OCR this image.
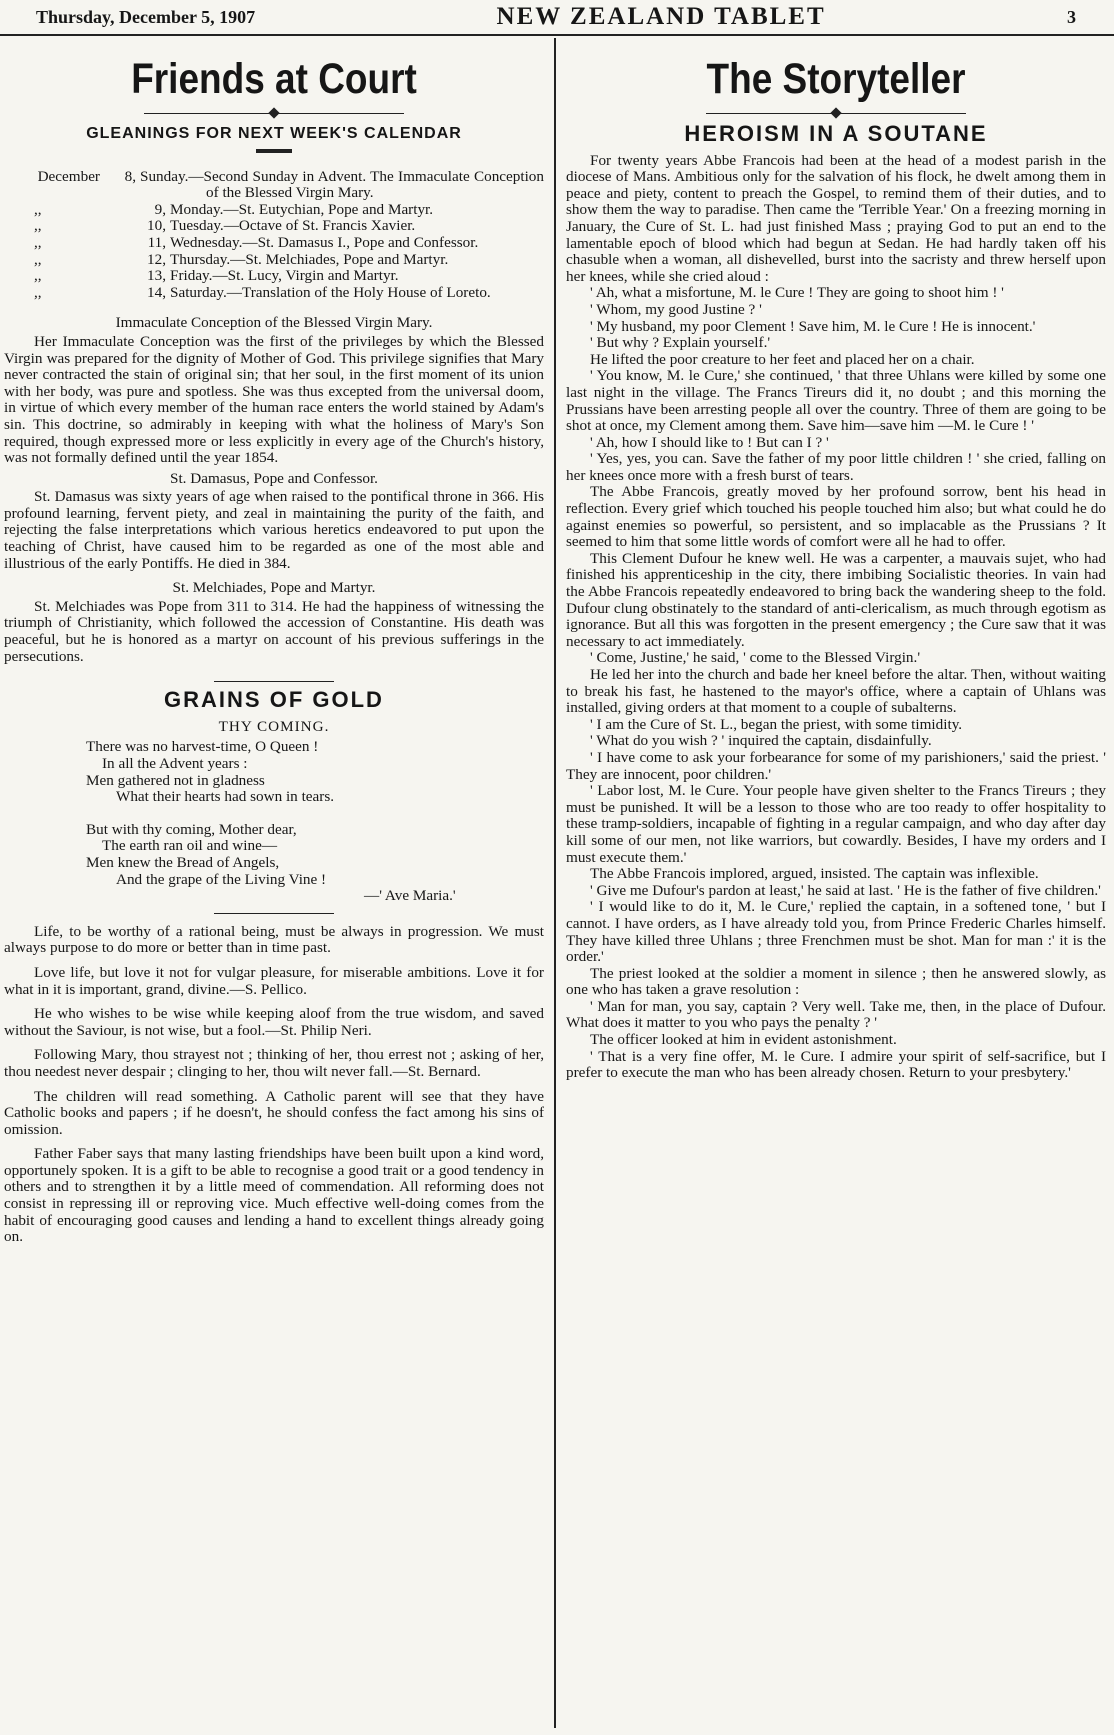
Thursday, December 5, 1907	NEW ZEALAND TABLET	3
Friends at Court
GLEANINGS FOR NEXT WEEK'S CALENDAR
December	8, Sunday.—Second Sunday in Advent. The Immaculate Conception of the Blessed Virgin Mary.
,,	9, Monday.—St. Eutychian, Pope and Martyr.
,,	10, Tuesday.—Octave of St. Francis Xavier.
,,	11, Wednesday.—St. Damasus I., Pope and Confessor.
,,	12, Thursday.—St. Melchiades, Pope and Martyr.
,,	13, Friday.—St. Lucy, Virgin and Martyr.
,,	14, Saturday.—Translation of the Holy House of Loreto.
Immaculate Conception of the Blessed Virgin Mary.

Her Immaculate Conception was the first of the privileges by which the Blessed Virgin was prepared for the dignity of Mother of God. This privilege signifies that Mary never contracted the stain of original sin; that her soul, in the first moment of its union with her body, was pure and spotless. She was thus excepted from the universal doom, in virtue of which every member of the human race enters the world stained by Adam's sin. This doctrine, so admirably in keeping with what the holiness of Mary's Son required, though expressed more or less explicitly in every age of the Church's history, was not formally defined until the year 1854.

St. Damasus, Pope and Confessor.

St. Damasus was sixty years of age when raised to the pontifical throne in 366. His profound learning, fervent piety, and zeal in maintaining the purity of the faith, and rejecting the false interpretations which various heretics endeavored to put upon the teaching of Christ, have caused him to be regarded as one of the most able and illustrious of the early Pontiffs. He died in 384.

St. Melchiades, Pope and Martyr.

St. Melchiades was Pope from 311 to 314. He had the happiness of witnessing the triumph of Christianity, which followed the accession of Constantine. His death was peaceful, but he is honored as a martyr on account of his previous sufferings in the persecutions.

GRAINS OF GOLD
THY COMING.
There was no harvest-time, O Queen !
In all the Advent years :
Men gathered not in gladness
What their hearts had sown in tears.
But with thy coming, Mother dear,
The earth ran oil and wine—
Men knew the Bread of Angels,
And the grape of the Living Vine !
—' Ave Maria.'

Life, to be worthy of a rational being, must be always in progression. We must always purpose to do more or better than in time past.

Love life, but love it not for vulgar pleasure, for miserable ambitions. Love it for what in it is important, grand, divine.—S. Pellico.

He who wishes to be wise while keeping aloof from the true wisdom, and saved without the Saviour, is not wise, but a fool.—St. Philip Neri.

Following Mary, thou strayest not ; thinking of her, thou errest not ; asking of her, thou needest never despair ; clinging to her, thou wilt never fall.—St. Bernard.

The children will read something. A Catholic parent will see that they have Catholic books and papers ; if he doesn't, he should confess the fact among his sins of omission.

Father Faber says that many lasting friendships have been built upon a kind word, opportunely spoken. It is a gift to be able to recognise a good trait or a good tendency in others and to strengthen it by a little meed of commendation. All reforming does not consist in repressing ill or reproving vice. Much effective well-doing comes from the habit of encouraging good causes and lending a hand to excellent things already going on.

The Storyteller
HEROISM IN A SOUTANE

For twenty years Abbe Francois had been at the head of a modest parish in the diocese of Mans. Ambitious only for the salvation of his flock, he dwelt among them in peace and piety, content to preach the Gospel, to remind them of their duties, and to show them the way to paradise. Then came the 'Terrible Year.' On a freezing morning in January, the Cure of St. L. had just finished Mass ; praying God to put an end to the lamentable epoch of blood which had begun at Sedan. He had hardly taken off his chasuble when a woman, all dishevelled, burst into the sacristy and threw herself upon her knees, while she cried aloud :

' Ah, what a misfortune, M. le Cure ! They are going to shoot him ! '

' Whom, my good Justine ? '

' My husband, my poor Clement ! Save him, M. le Cure ! He is innocent.'

' But why ? Explain yourself.'

He lifted the poor creature to her feet and placed her on a chair.

' You know, M. le Cure,' she continued, ' that three Uhlans were killed by some one last night in the village. The Francs Tireurs did it, no doubt ; and this morning the Prussians have been arresting people all over the country. Three of them are going to be shot at once, my Clement among them. Save him—save him —M. le Cure ! '

' Ah, how I should like to ! But can I ? '

' Yes, yes, you can. Save the father of my poor little children ! ' she cried, falling on her knees once more with a fresh burst of tears.

The Abbe Francois, greatly moved by her profound sorrow, bent his head in reflection. Every grief which touched his people touched him also; but what could he do against enemies so powerful, so persistent, and so implacable as the Prussians ? It seemed to him that some little words of comfort were all he had to offer.

This Clement Dufour he knew well. He was a carpenter, a mauvais sujet, who had finished his apprenticeship in the city, there imbibing Socialistic theories. In vain had the Abbe Francois repeatedly endeavored to bring back the wandering sheep to the fold. Dufour clung obstinately to the standard of anti-clericalism, as much through egotism as ignorance. But all this was forgotten in the present emergency ; the Cure saw that it was necessary to act immediately.

' Come, Justine,' he said, ' come to the Blessed Virgin.'

He led her into the church and bade her kneel before the altar. Then, without waiting to break his fast, he hastened to the mayor's office, where a captain of Uhlans was installed, giving orders at that moment to a couple of subalterns.

' I am the Cure of St. L., began the priest, with some timidity.

' What do you wish ? ' inquired the captain, disdainfully.

' I have come to ask your forbearance for some of my parishioners,' said the priest. ' They are innocent, poor children.'

' Labor lost, M. le Cure. Your people have given shelter to the Francs Tireurs ; they must be punished. It will be a lesson to those who are too ready to offer hospitality to these tramp-soldiers, incapable of fighting in a regular campaign, and who day after day kill some of our men, not like warriors, but cowardly. Besides, I have my orders and I must execute them.'

The Abbe Francois implored, argued, insisted. The captain was inflexible.

' Give me Dufour's pardon at least,' he said at last. ' He is the father of five children.'

' I would like to do it, M. le Cure,' replied the captain, in a softened tone, ' but I cannot. I have orders, as I have already told you, from Prince Frederic Charles himself. They have killed three Uhlans ; three Frenchmen must be shot. Man for man :' it is the order.'

The priest looked at the soldier a moment in silence ; then he answered slowly, as one who has taken a grave resolution :

' Man for man, you say, captain ? Very well. Take me, then, in the place of Dufour. What does it matter to you who pays the penalty ? '

The officer looked at him in evident astonishment.

' That is a very fine offer, M. le Cure. I admire your spirit of self-sacrifice, but I prefer to execute the man who has been already chosen. Return to your presbytery.'
